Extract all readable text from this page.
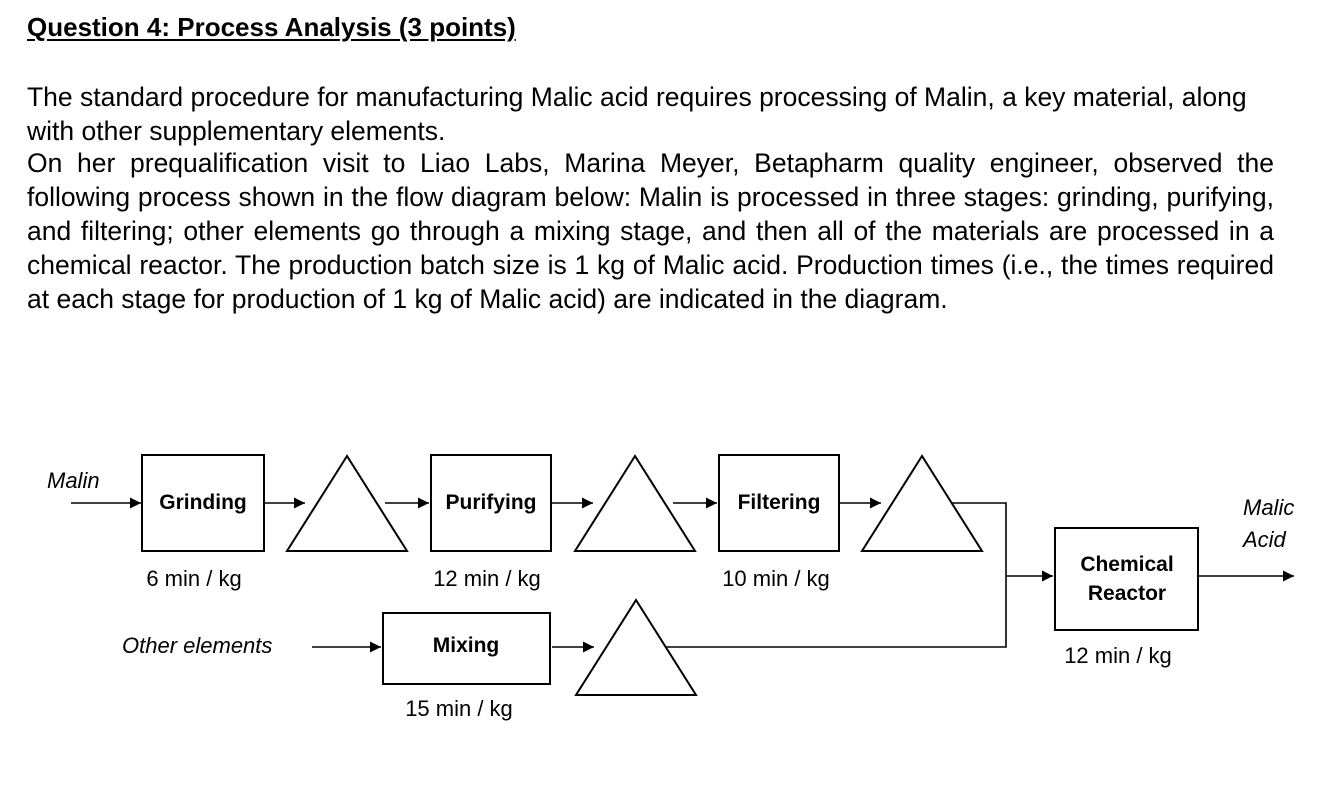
Question 4: Process Analysis (3 points)

The standard procedure for manufacturing Malic acid requires processing of Malin, a key material, along with other supplementary elements.

On her prequalification visit to Liao Labs, Marina Meyer, Betapharm quality engineer, observed the following process shown in the flow diagram below: Malin is processed in three stages: grinding, purifying, and filtering; other elements go through a mixing stage, and then all of the materials are processed in a chemical reactor. The production batch size is 1 kg of Malic acid. Production times (i.e., the times required at each stage for production of 1 kg of Malic acid) are indicated in the diagram.

Malin
Other elements
Malic
Acid
Grinding
6 min / kg
Purifying
12 min / kg
Filtering
10 min / kg
Chemical
Reactor
12 min / kg
Mixing
15 min / kg
